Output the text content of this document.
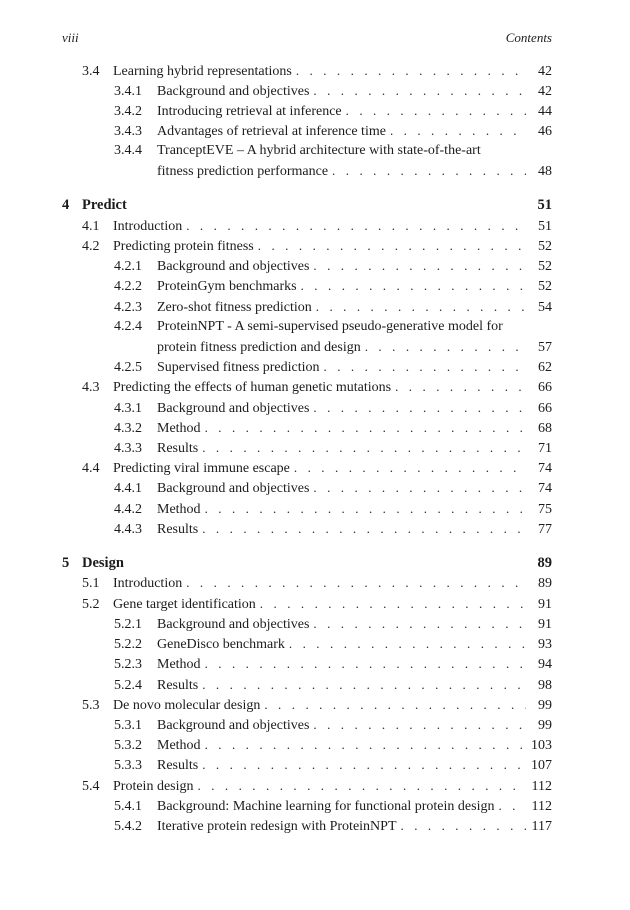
viii	Contents
3.4 Learning hybrid representations . . .	42
3.4.1	Background and objectives . . .	42
3.4.2	Introducing retrieval at inference . . .	44
3.4.3	Advantages of retrieval at inference time . . .	46
3.4.4	TranceptEVE – A hybrid architecture with state-of-the-art
fitness prediction performance . . .	48
4 Predict	51
4.1 Introduction . . .	51
4.2 Predicting protein fitness . . .	52
4.2.1	Background and objectives . . .	52
4.2.2	ProteinGym benchmarks . . .	52
4.2.3	Zero-shot fitness prediction . . .	54
4.2.4	ProteinNPT - A semi-supervised pseudo-generative model for
protein fitness prediction and design . . .	57
4.2.5	Supervised fitness prediction . . .	62
4.3 Predicting the effects of human genetic mutations . . .	66
4.3.1	Background and objectives . . .	66
4.3.2	Method . . .	68
4.3.3	Results . . .	71
4.4 Predicting viral immune escape . . .	74
4.4.1	Background and objectives . . .	74
4.4.2	Method . . .	75
4.4.3	Results . . .	77
5 Design	89
5.1 Introduction . . .	89
5.2 Gene target identification . . .	91
5.2.1	Background and objectives . . .	91
5.2.2	GeneDisco benchmark . . .	93
5.2.3	Method . . .	94
5.2.4	Results . . .	98
5.3 De novo molecular design . . .	99
5.3.1	Background and objectives . . .	99
5.3.2	Method . . .	103
5.3.3	Results . . .	107
5.4 Protein design . . .	112
5.4.1	Background: Machine learning for functional protein design . . .	112
5.4.2	Iterative protein redesign with ProteinNPT . . .	117
